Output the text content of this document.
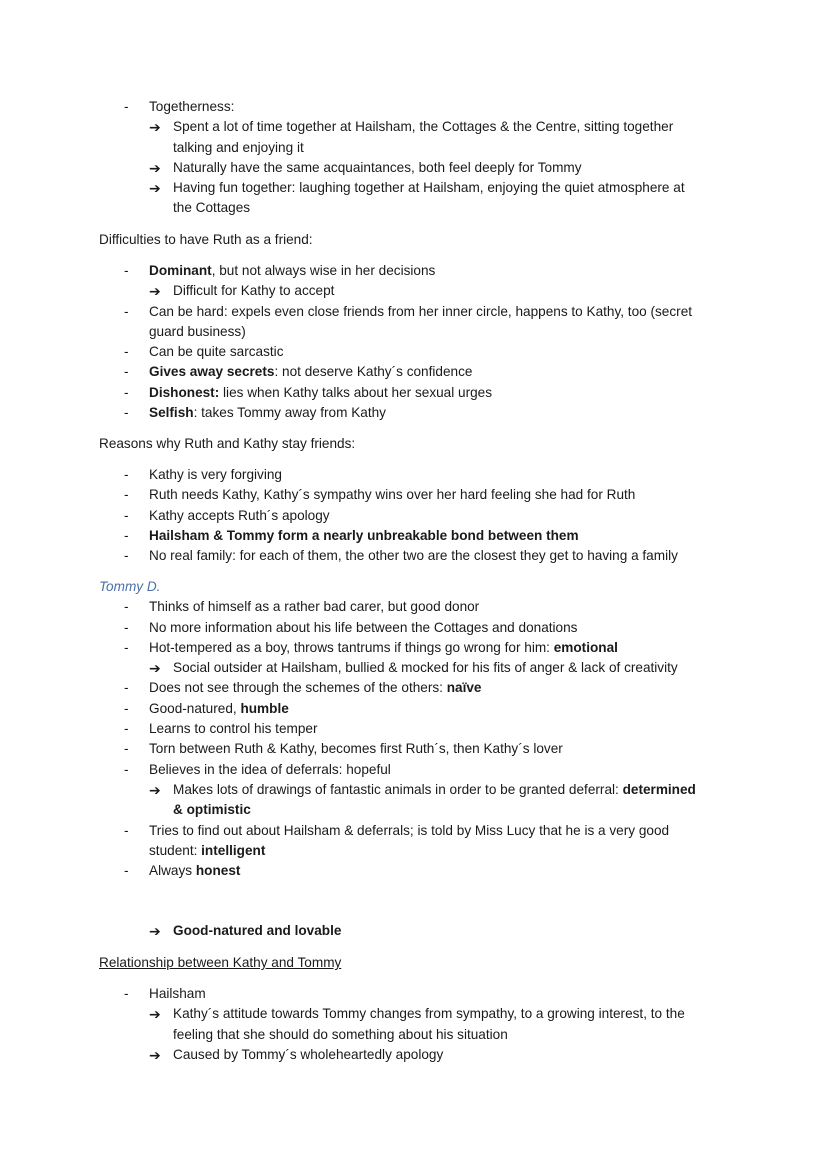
- Togetherness:
➔ Spent a lot of time together at Hailsham, the Cottages & the Centre, sitting together
talking and enjoying it
➔ Naturally have the same acquaintances, both feel deeply for Tommy
➔ Having fun together: laughing together at Hailsham, enjoying the quiet atmosphere at
the Cottages
Difficulties to have Ruth as a friend:
- Dominant, but not always wise in her decisions
➔ Difficult for Kathy to accept
- Can be hard: expels even close friends from her inner circle, happens to Kathy, too (secret
guard business)
- Can be quite sarcastic
- Gives away secrets: not deserve Kathy´s confidence
- Dishonest: lies when Kathy talks about her sexual urges
- Selfish: takes Tommy away from Kathy
Reasons why Ruth and Kathy stay friends:
- Kathy is very forgiving
- Ruth needs Kathy, Kathy´s sympathy wins over her hard feeling she had for Ruth
- Kathy accepts Ruth´s apology
- Hailsham & Tommy form a nearly unbreakable bond between them
- No real family: for each of them, the other two are the closest they get to having a family
Tommy D.
- Thinks of himself as a rather bad carer, but good donor
- No more information about his life between the Cottages and donations
- Hot-tempered as a boy, throws tantrums if things go wrong for him: emotional
➔ Social outsider at Hailsham, bullied & mocked for his fits of anger & lack of creativity
- Does not see through the schemes of the others: naïve
- Good-natured, humble
- Learns to control his temper
- Torn between Ruth & Kathy, becomes first Ruth´s, then Kathy´s lover
- Believes in the idea of deferrals: hopeful
➔ Makes lots of drawings of fantastic animals in order to be granted deferral: determined
& optimistic
- Tries to find out about Hailsham & deferrals; is told by Miss Lucy that he is a very good
student: intelligent
- Always honest
➔ Good-natured and lovable
Relationship between Kathy and Tommy
- Hailsham
➔ Kathy´s attitude towards Tommy changes from sympathy, to a growing interest, to the
feeling that she should do something about his situation
➔ Caused by Tommy´s wholeheartedly apology
